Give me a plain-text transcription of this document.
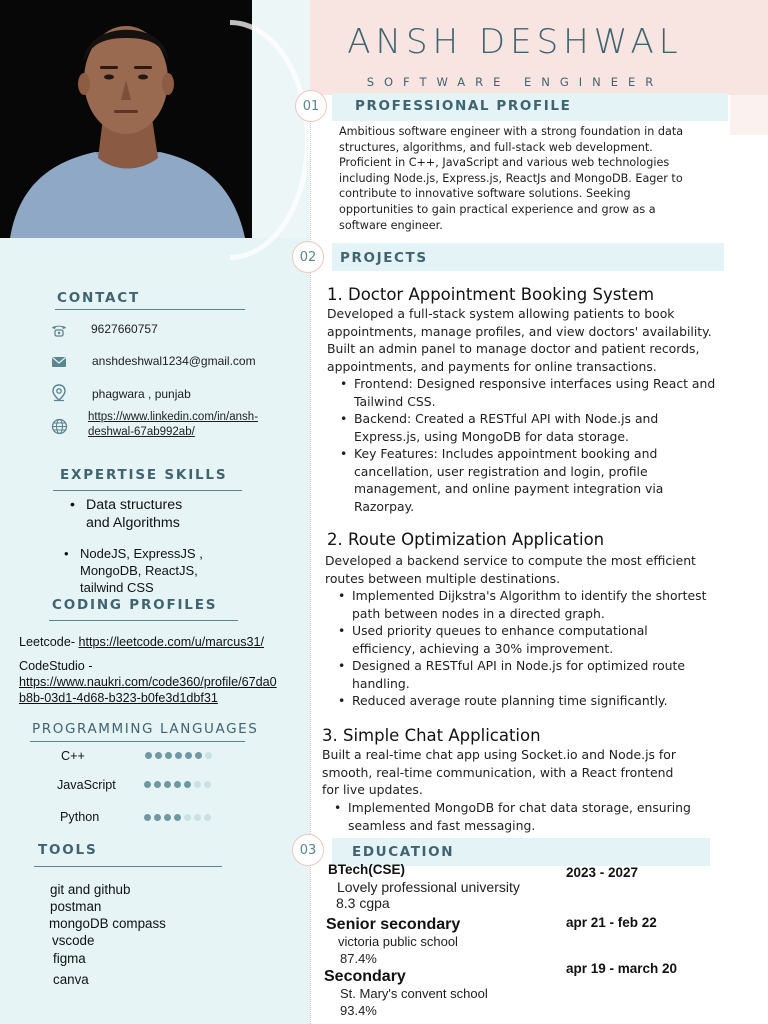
ANSH DESHWAL
SOFTWARE ENGINEER
01	PROFESSIONAL PROFILE
Ambitious software engineer with a strong foundation in data
structures, algorithms, and full-stack web development.
Proficient in C++, JavaScript and various web technologies
including Node.js, Express.js, ReactJs and MongoDB. Eager to
contribute to innovative software solutions. Seeking
opportunities to gain practical experience and grow as a
software engineer.
02	PROJECTS
1. Doctor Appointment Booking System
Developed a full-stack system allowing patients to book
appointments, manage profiles, and view doctors' availability.
Built an admin panel to manage doctor and patient records,
appointments, and payments for online transactions.
• Frontend: Designed responsive interfaces using React and
Tailwind CSS.
• Backend: Created a RESTful API with Node.js and
Express.js, using MongoDB for data storage.
• Key Features: Includes appointment booking and
cancellation, user registration and login, profile
management, and online payment integration via
Razorpay.
2. Route Optimization Application
Developed a backend service to compute the most efficient
routes between multiple destinations.
• Implemented Dijkstra's Algorithm to identify the shortest
path between nodes in a directed graph.
• Used priority queues to enhance computational
efficiency, achieving a 30% improvement.
• Designed a RESTful API in Node.js for optimized route
handling.
• Reduced average route planning time significantly.
3. Simple Chat Application
Built a real-time chat app using Socket.io and Node.js for
smooth, real-time communication, with a React frontend
for live updates.
• Implemented MongoDB for chat data storage, ensuring
seamless and fast messaging.
03	EDUCATION
BTech(CSE)
Lovely professional university
8.3 cgpa
2023 - 2027
Senior secondary
victoria public school
87.4%
apr 21 - feb 22
Secondary
St. Mary's convent school
93.4%
apr 19 - march 20
CONTACT
9627660757
anshdeshwal1234@gmail.com
phagwara , punjab
https://www.linkedin.com/in/ansh-
deshwal-67ab992ab/
EXPERTISE SKILLS
• Data structures
and Algorithms
• NodeJS, ExpressJS ,
MongoDB, ReactJS,
tailwind CSS
CODING PROFILES
Leetcode- https://leetcode.com/u/marcus31/
CodeStudio -
https://www.naukri.com/code360/profile/67da0
b8b-03d1-4d68-b323-b0fe3d1dbf31
PROGRAMMING LANGUAGES
C++
JavaScript
Python
TOOLS
git and github
postman
mongoDB compass
vscode
figma
canva
